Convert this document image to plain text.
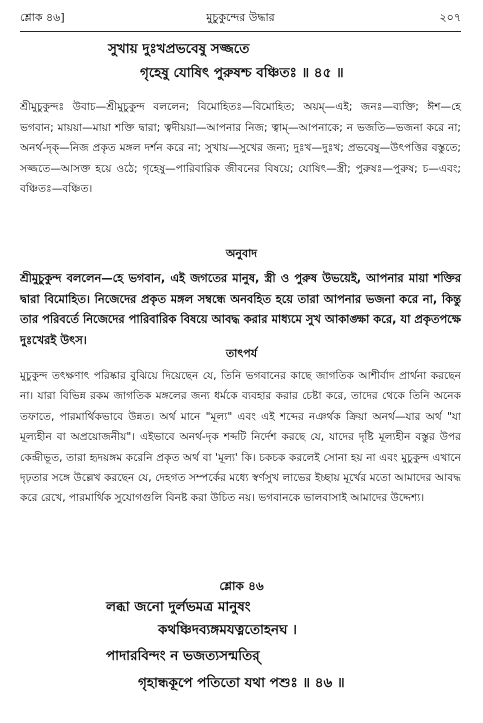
শ্লোক ৪৬]	মুচুকুন্দের উদ্ধার	২০৭
সুখায় দুঃখপ্রভবেষু সজ্জতে
গৃহেষু যোষিৎ পুরুষশ্চ বঞ্চিতঃ ॥ ৪৫ ॥

শ্রীমুচুকুন্দঃ উবাচ—শ্রীমুচুকুন্দ বললেন; বিমোহিতঃ—বিমোহিত; অয়ম্—এই; জনঃ—ব্যক্তি; ঈশ—হে ভগবান; মায়য়া—মায়া শক্তি দ্বারা; ত্বদীয়য়া—আপনার নিজ; ত্বাম্—আপনাকে; ন ভজতি—ভজনা করে না; অনর্থ-দৃক্—নিজ প্রকৃত মঙ্গল দর্শন করে না; সুখায়—সুখের জন্য; দুঃখ—দুঃখ; প্রভবেষু—উৎপত্তির বস্তুতে; সজ্জতে—আসক্ত হয়ে ওঠে; গৃহেষু—পারিবারিক জীবনের বিষয়ে; যোষিৎ—স্ত্রী; পুরুষঃ—পুরুষ; চ—এবং; বঞ্চিতঃ—বঞ্চিত।

অনুবাদ

শ্রীমুচুকুন্দ বললেন—হে ভগবান, এই জগতের মানুষ, স্ত্রী ও পুরুষ উভয়েই, আপনার মায়া শক্তির দ্বারা বিমোহিত। নিজেদের প্রকৃত মঙ্গল সম্বন্ধে অনবহিত হয়ে তারা আপনার ভজনা করে না, কিন্তু তার পরিবর্তে নিজেদের পারিবারিক বিষয়ে আবদ্ধ করার মাধ্যমে সুখ আকাঙ্ক্ষা করে, যা প্রকৃতপক্ষে দুঃখেরই উৎস।

তাৎপর্য

মুচুকুন্দ তৎক্ষণাৎ পরিষ্কার বুঝিয়ে দিয়েছেন যে, তিনি ভগবানের কাছে জাগতিক আশীর্বাদ প্রার্থনা করছেন না। যারা বিভিন্ন রকম জাগতিক মঙ্গলের জন্য ধর্মকে ব্যবহার করার চেষ্টা করে, তাদের থেকে তিনি অনেক তফাতে, পারমার্থিকভাবে উন্নত। অর্থ মানে "মূল্য" এবং এই শব্দের নঞর্থক ক্রিয়া অনর্থ—যার অর্থ "যা মূল্যহীন বা অপ্রয়োজনীয়"। এইভাবে অনর্থ-দৃক শব্দটি নির্দেশ করছে যে, যাদের দৃষ্টি মূল্যহীন বস্তুর উপর কেন্দ্রীভূত, তারা হৃদয়ঙ্গম করেনি প্রকৃত অর্থ বা 'মূল্য' কি। চকচক করলেই সোনা হয় না এবং মুচুকুন্দ এখানে দৃঢ়তার সঙ্গে উল্লেখ করছেন যে, দেহগত সম্পর্কের মধ্যে স্বর্ণসুখ লাভের ইচ্ছায় মূর্খের মতো আমাদের আবদ্ধ করে রেখে, পারমার্থিক সুযোগগুলি বিনষ্ট করা উচিত নয়। ভগবানকে ভালবাসাই আমাদের উদ্দেশ্য।

শ্লোক ৪৬
লব্ধা জনো দুর্লভমত্র মানুষং
কথঞ্চিদব্যঙ্গমযত্নতোহনঘ ।
পাদারবিন্দং ন ভজত্যসন্মতির্
গৃহান্ধকূপে পতিতো যথা পশুঃ ॥ ৪৬ ॥
